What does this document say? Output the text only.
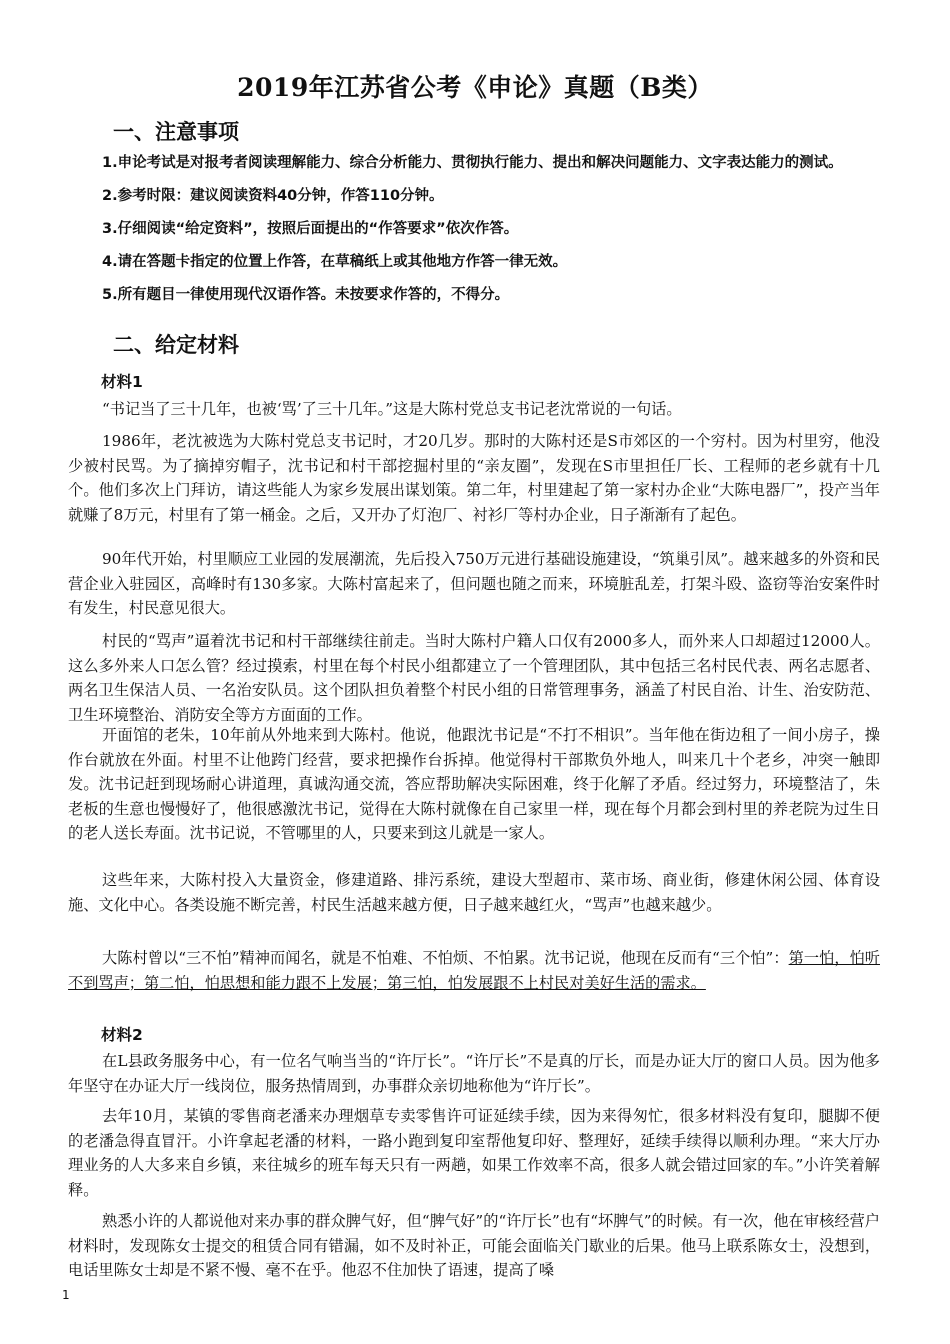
2019年江苏省公考《申论》真题（B类）
一、注意事项
1.申论考试是对报考者阅读理解能力、综合分析能力、贯彻执行能力、提出和解决问题能力、文字表达能力的测试。
2.参考时限：建议阅读资料40分钟，作答110分钟。
3.仔细阅读“给定资料”，按照后面提出的“作答要求”依次作答。
4.请在答题卡指定的位置上作答，在草稿纸上或其他地方作答一律无效。
5.所有题目一律使用现代汉语作答。未按要求作答的，不得分。
二、给定材料
材料1
“书记当了三十几年，也被‘骂’了三十几年。”这是大陈村党总支书记老沈常说的一句话。
1986年，老沈被选为大陈村党总支书记时，才20几岁。那时的大陈村还是S市郊区的一个穷村。因为村里穷，他没少被村民骂。为了摘掉穷帽子，沈书记和村干部挖掘村里的“亲友圈”，发现在S市里担任厂长、工程师的老乡就有十几个。他们多次上门拜访，请这些能人为家乡发展出谋划策。第二年，村里建起了第一家村办企业“大陈电器厂”，投产当年就赚了8万元，村里有了第一桶金。之后，又开办了灯泡厂、衬衫厂等村办企业，日子渐渐有了起色。
90年代开始，村里顺应工业园的发展潮流，先后投入750万元进行基础设施建设，“筑巢引凤”。越来越多的外资和民营企业入驻园区，高峰时有130多家。大陈村富起来了，但问题也随之而来，环境脏乱差，打架斗殴、盗窃等治安案件时有发生，村民意见很大。
村民的“骂声”逼着沈书记和村干部继续往前走。当时大陈村户籍人口仅有2000多人，而外来人口却超过12000人。这么多外来人口怎么管？经过摸索，村里在每个村民小组都建立了一个管理团队，其中包括三名村民代表、两名志愿者、两名卫生保洁人员、一名治安队员。这个团队担负着整个村民小组的日常管理事务，涵盖了村民自治、计生、治安防范、卫生环境整治、消防安全等方方面面的工作。
开面馆的老朱，10年前从外地来到大陈村。他说，他跟沈书记是“不打不相识”。当年他在街边租了一间小房子，操作台就放在外面。村里不让他跨门经营，要求把操作台拆掉。他觉得村干部欺负外地人，叫来几十个老乡，冲突一触即发。沈书记赶到现场耐心讲道理，真诚沟通交流，答应帮助解决实际困难，终于化解了矛盾。经过努力，环境整洁了，朱老板的生意也慢慢好了，他很感激沈书记，觉得在大陈村就像在自己家里一样，现在每个月都会到村里的养老院为过生日的老人送长寿面。沈书记说，不管哪里的人，只要来到这儿就是一家人。
这些年来，大陈村投入大量资金，修建道路、排污系统，建设大型超市、菜市场、商业街，修建休闲公园、体育设施、文化中心。各类设施不断完善，村民生活越来越方便，日子越来越红火，“骂声”也越来越少。
大陈村曾以“三不怕”精神而闻名，就是不怕难、不怕烦、不怕累。沈书记说，他现在反而有“三个怕”：第一怕，怕听不到骂声；第二怕，怕思想和能力跟不上发展；第三怕，怕发展跟不上村民对美好生活的需求。
材料2
在L县政务服务中心，有一位名气响当当的“许厅长”。“许厅长”不是真的厅长，而是办证大厅的窗口人员。因为他多年坚守在办证大厅一线岗位，服务热情周到，办事群众亲切地称他为“许厅长”。
去年10月，某镇的零售商老潘来办理烟草专卖零售许可证延续手续，因为来得匆忙，很多材料没有复印，腿脚不便的老潘急得直冒汗。小许拿起老潘的材料，一路小跑到复印室帮他复印好、整理好，延续手续得以顺利办理。“来大厅办理业务的人大多来自乡镇，来往城乡的班车每天只有一两趟，如果工作效率不高，很多人就会错过回家的车。”小许笑着解释。
熟悉小许的人都说他对来办事的群众脾气好，但“脾气好”的“许厅长”也有“坏脾气”的时候。有一次，他在审核经营户材料时，发现陈女士提交的租赁合同有错漏，如不及时补正，可能会面临关门歇业的后果。他马上联系陈女士，没想到，电话里陈女士却是不紧不慢、毫不在乎。他忍不住加快了语速，提高了嗓
1
